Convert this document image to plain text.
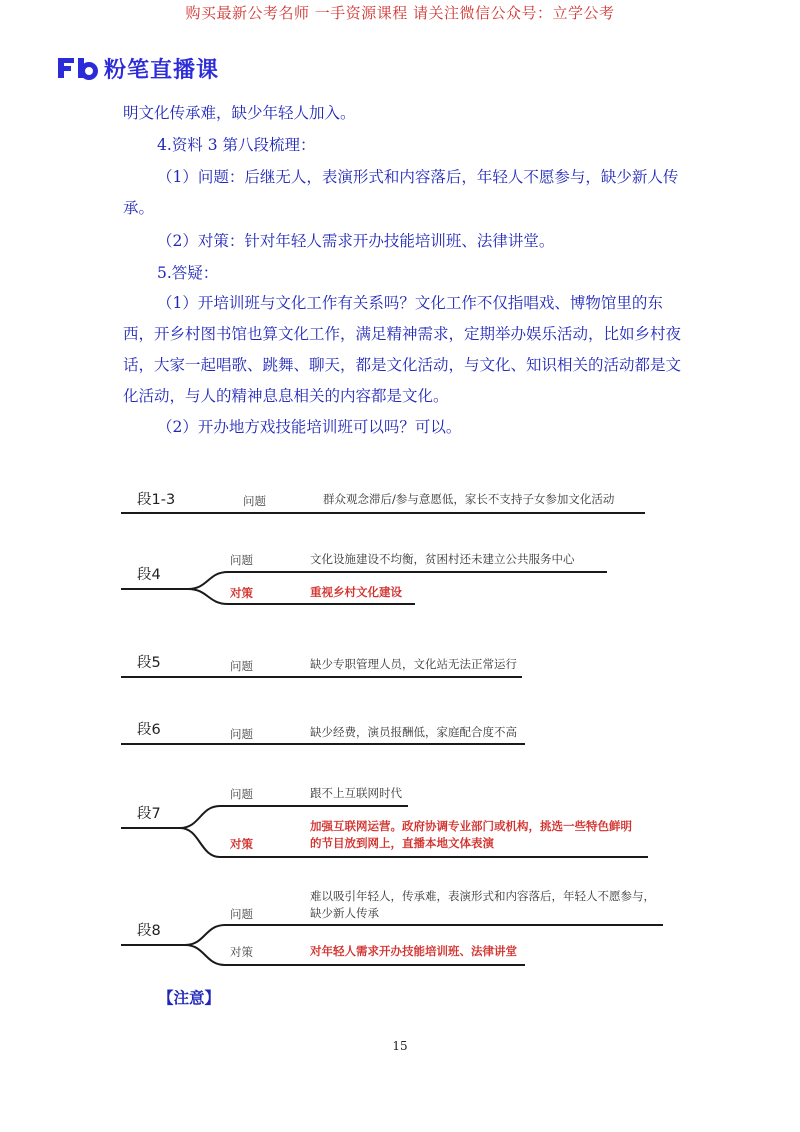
购买最新公考名师 一手资源课程 请关注微信公众号：立学公考
粉笔直播课

明文化传承难，缺少年轻人加入。

4.资料 3 第八段梳理：

（1）问题：后继无人，表演形式和内容落后，年轻人不愿参与，缺少新人传承。

（2）对策：针对年轻人需求开办技能培训班、法律讲堂。

5.答疑：

（1）开培训班与文化工作有关系吗？文化工作不仅指唱戏、博物馆里的东西，开乡村图书馆也算文化工作，满足精神需求，定期举办娱乐活动，比如乡村夜话，大家一起唱歌、跳舞、聊天，都是文化活动，与文化、知识相关的活动都是文化活动，与人的精神息息相关的内容都是文化。

（2）开办地方戏技能培训班可以吗？可以。

段1-3	问题	群众观念滞后/参与意愿低，家长不支持子女参加文化活动
段4
问题	文化设施建设不均衡，贫困村还未建立公共服务中心
对策	重视乡村文化建设
段5	问题	缺少专职管理人员，文化站无法正常运行
段6	问题	缺少经费，演员报酬低，家庭配合度不高
段7
问题	跟不上互联网时代
对策
加强互联网运营。政府协调专业部门或机构，挑选一些特色鲜明
的节目放到网上，直播本地文体表演
段8
问题
难以吸引年轻人，传承难，表演形式和内容落后，年轻人不愿参与，
缺少新人传承
对策	对年轻人需求开办技能培训班、法律讲堂
【注意】
15
